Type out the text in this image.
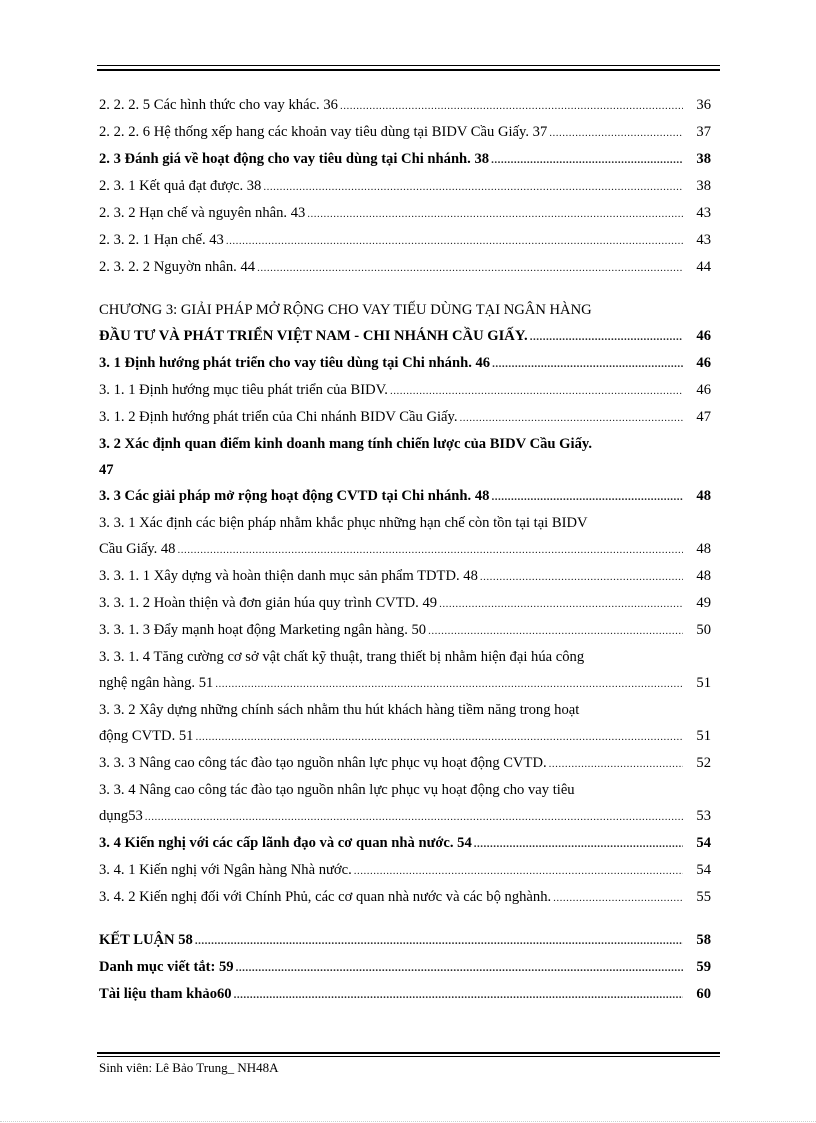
2. 2. 2. 5 Các hình thức cho vay khác. 36 .....	36
2. 2. 2. 6 Hệ thống xếp hang các khoản vay tiêu dùng tại BIDV Cầu Giấy. 37 .....	37
2. 3 Đánh giá về hoạt động cho vay tiêu dùng tại Chi nhánh. 38 .....	38
2. 3. 1 Kết quả đạt được. 38 .....	38
2. 3. 2 Hạn chế và nguyên nhân. 43 .....	43
2. 3. 2. 1 Hạn chế. 43 .....	43
2. 3. 2. 2 Nguyờn nhân. 44 .....	44
CHƯƠNG 3: GIẢI PHÁP MỞ RỘNG CHO VAY TIẾU DÙNG TẠI NGÂN HÀNG
ĐẦU TƯ VÀ PHÁT TRIỂN VIỆT NAM - CHI NHÁNH CẦU GIẤY. .....	46
3. 1 Định hướng phát triển cho vay tiêu dùng tại Chi nhánh. 46 .....	46
3. 1. 1 Định hướng mục tiêu phát triển của BIDV. .....	46
3. 1. 2 Định hướng phát triển của Chi nhánh BIDV Cầu Giấy. .....	47
3. 2 Xác định quan điểm kinh doanh mang tính chiến lược của BIDV Cầu Giấy.
47
3. 3 Các giải pháp mở rộng hoạt động CVTD tại Chi nhánh. 48 .....	48
3. 3. 1 Xác định các biện pháp nhằm khắc phục những hạn chế còn tồn tại tại BIDV
Cầu Giấy. 48 .....	48
3. 3. 1. 1 Xây dựng và hoàn thiện danh mục sản phẩm TDTD. 48 .....	48
3. 3. 1. 2 Hoàn thiện và đơn giản húa quy trình CVTD. 49 .....	49
3. 3. 1. 3 Đẩy mạnh hoạt động Marketing ngân hàng. 50 .....	50
3. 3. 1. 4 Tăng cường cơ sở vật chất kỹ thuật, trang thiết bị nhằm hiện đại húa công
nghệ ngân hàng. 51 .....	51
3. 3. 2 Xây dựng những chính sách nhằm thu hút khách hàng tiềm năng trong hoạt
động CVTD. 51 .....	51
3. 3. 3 Nâng cao công tác đào tạo nguồn nhân lực phục vụ hoạt động CVTD. .....	52
3. 3. 4 Nâng cao công tác đào tạo nguồn nhân lực phục vụ hoạt động cho vay tiêu
dụng53 .....	53
3. 4 Kiến nghị với các cấp lãnh đạo và cơ quan nhà nước. 54 .....	54
3. 4. 1 Kiến nghị với Ngân hàng Nhà nước. .....	54
3. 4. 2 Kiến nghị đối với Chính Phủ, các cơ quan nhà nước và các bộ nghành. .....	55
KẾT LUẬN 58 .....	58
Danh mục viết tắt: 59 .....	59
Tài liệu tham khảo60 .....	60
Sinh viên: Lê Bảo Trung_ NH48A
